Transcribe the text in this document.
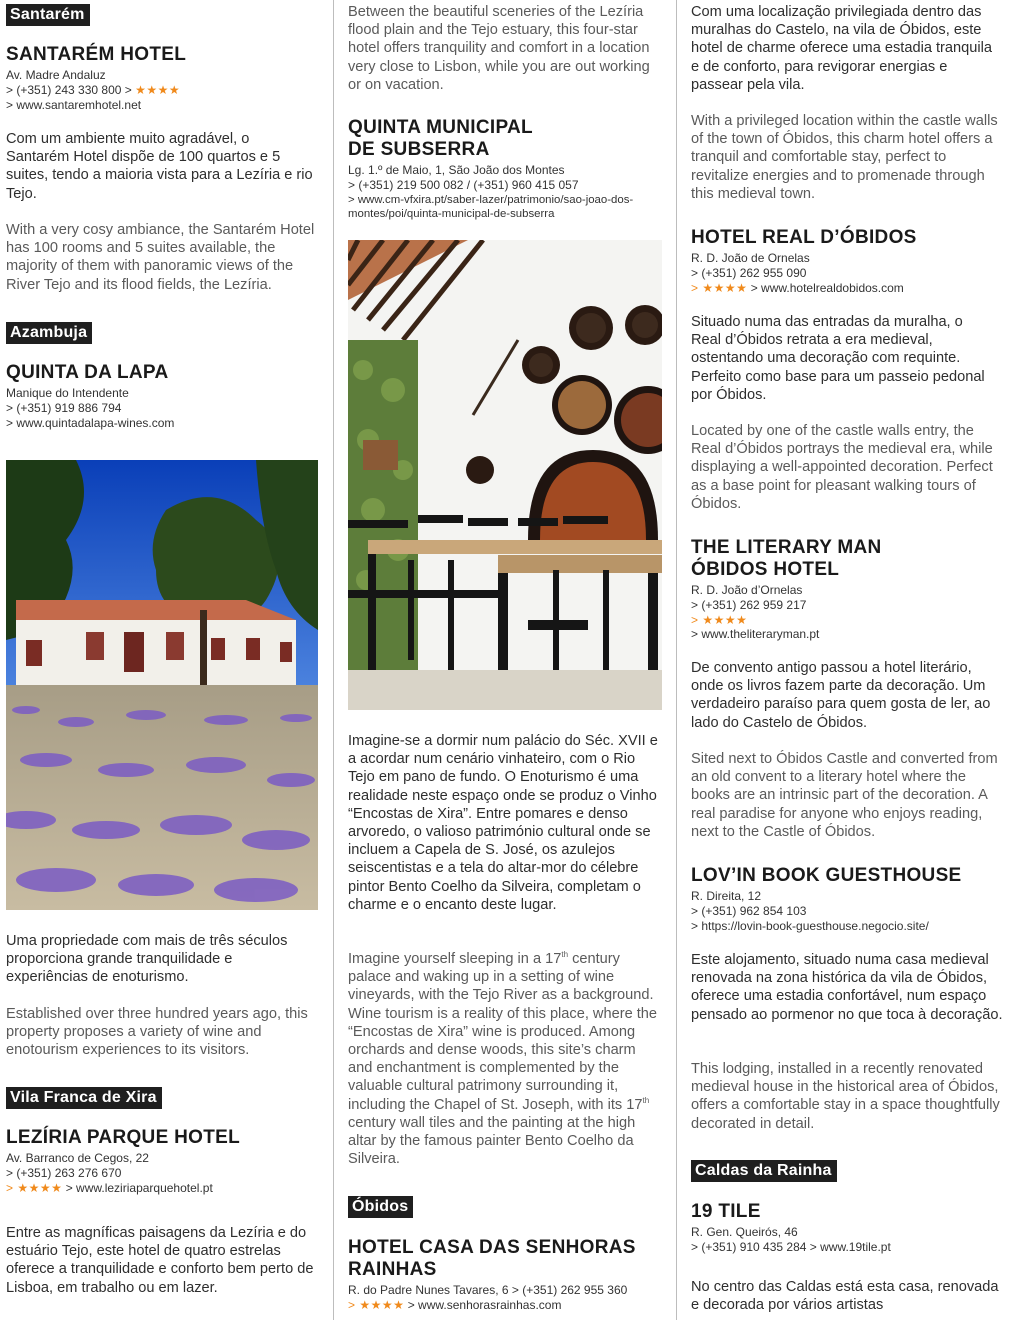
Santarém
SANTARÉM HOTEL
Av. Madre Andaluz
> (+351) 243 330 800 > ★★★★
> www.santaremhotel.net

Com um ambiente muito agradável, o Santarém Hotel dispõe de 100 quartos e 5 suites, tendo a maioria vista para a Lezíria e rio Tejo.

With a very cosy ambiance, the Santarém Hotel has 100 rooms and 5 suites available, the majority of them with panoramic views of the River Tejo and its flood fields, the Lezíria.

Azambuja
QUINTA DA LAPA
Manique do Intendente
> (+351) 919 886 794
> www.quintadalapa-wines.com

Uma propriedade com mais de três séculos proporciona grande tranquilidade e experiências de enoturismo.

Established over three hundred years ago, this property proposes a variety of wine and enotourism experiences to its visitors.

Vila Franca de Xira
LEZÍRIA PARQUE HOTEL
Av. Barranco de Cegos, 22
> (+351) 263 276 670
> ★★★★ > www.leziriaparquehotel.pt

Entre as magníficas paisagens da Lezíria e do estuário Tejo, este hotel de quatro estrelas oferece a tranquilidade e conforto bem perto de Lisboa, em trabalho ou em lazer.

Between the beautiful sceneries of the Lezíria flood plain and the Tejo estuary, this four-star hotel offers tranquility and comfort in a location very close to Lisbon, while you are out working or on vacation.

QUINTA MUNICIPAL
DE SUBSERRA
Lg. 1.º de Maio, 1, São João dos Montes
> (+351) 219 500 082 / (+351) 960 415 057
> www.cm-vfxira.pt/saber-lazer/patrimonio/sao-joao-dos-montes/poi/quinta-municipal-de-subserra

Imagine-se a dormir num palácio do Séc. XVII e a acordar num cenário vinhateiro, com o Rio Tejo em pano de fundo. O Enoturismo é uma realidade neste espaço onde se produz o Vinho “Encostas de Xira”. Entre pomares e denso arvoredo, o valioso património cultural onde se incluem a Capela de S. José, os azulejos seiscentistas e a tela do altar-mor do célebre pintor Bento Coelho da Silveira, completam o charme e o encanto deste lugar.

Imagine yourself sleeping in a 17th century palace and waking up in a setting of wine vineyards, with the Tejo River as a background. Wine tourism is a reality of this place, where the “Encostas de Xira” wine is produced. Among orchards and dense woods, this site’s charm and enchantment is complemented by the valuable cultural patrimony surrounding it, including the Chapel of St. Joseph, with its 17th century wall tiles and the painting at the high altar by the famous painter Bento Coelho da Silveira.

Óbidos
HOTEL CASA DAS SENHORAS
RAINHAS
R. do Padre Nunes Tavares, 6 > (+351) 262 955 360
> ★★★★ > www.senhorasrainhas.com

Com uma localização privilegiada dentro das muralhas do Castelo, na vila de Óbidos, este hotel de charme oferece uma estadia tranquila e de conforto, para revigorar energias e passear pela vila.

With a privileged location within the castle walls of the town of Óbidos, this charm hotel offers a tranquil and comfortable stay, perfect to revitalize energies and to promenade through this medieval town.

HOTEL REAL D’ÓBIDOS
R. D. João de Ornelas
> (+351) 262 955 090
> ★★★★ > www.hotelrealdobidos.com

Situado numa das entradas da muralha, o Real d’Óbidos retrata a era medieval, ostentando uma decoração com requinte. Perfeito como base para um passeio pedonal por Óbidos.

Located by one of the castle walls entry, the Real d’Óbidos portrays the medieval era, while displaying a well-appointed decoration. Perfect as a base point for pleasant walking tours of Óbidos.

THE LITERARY MAN
ÓBIDOS HOTEL
R. D. João d’Ornelas
> (+351) 262 959 217
> ★★★★
> www.theliteraryman.pt

De convento antigo passou a hotel literário, onde os livros fazem parte da decoração. Um verdadeiro paraíso para quem gosta de ler, ao lado do Castelo de Óbidos.

Sited next to Óbidos Castle and converted from an old convent to a literary hotel where the books are an intrinsic part of the decoration. A real paradise for anyone who enjoys reading, next to the Castle of Óbidos.

LOV’IN BOOK GUESTHOUSE
R. Direita, 12
> (+351) 962 854 103
> https://lovin-book-guesthouse.negocio.site/

Este alojamento, situado numa casa medieval renovada na zona histórica da vila de Óbidos, oferece uma estadia confortável, num espaço pensado ao pormenor no que toca à decoração.

This lodging, installed in a recently renovated medieval house in the historical area of Óbidos, offers a comfortable stay in a space thoughtfully decorated in detail.

Caldas da Rainha
19 TILE
R. Gen. Queirós, 46
> (+351) 910 435 284 > www.19tile.pt

No centro das Caldas está esta casa, renovada e decorada por vários artistas
